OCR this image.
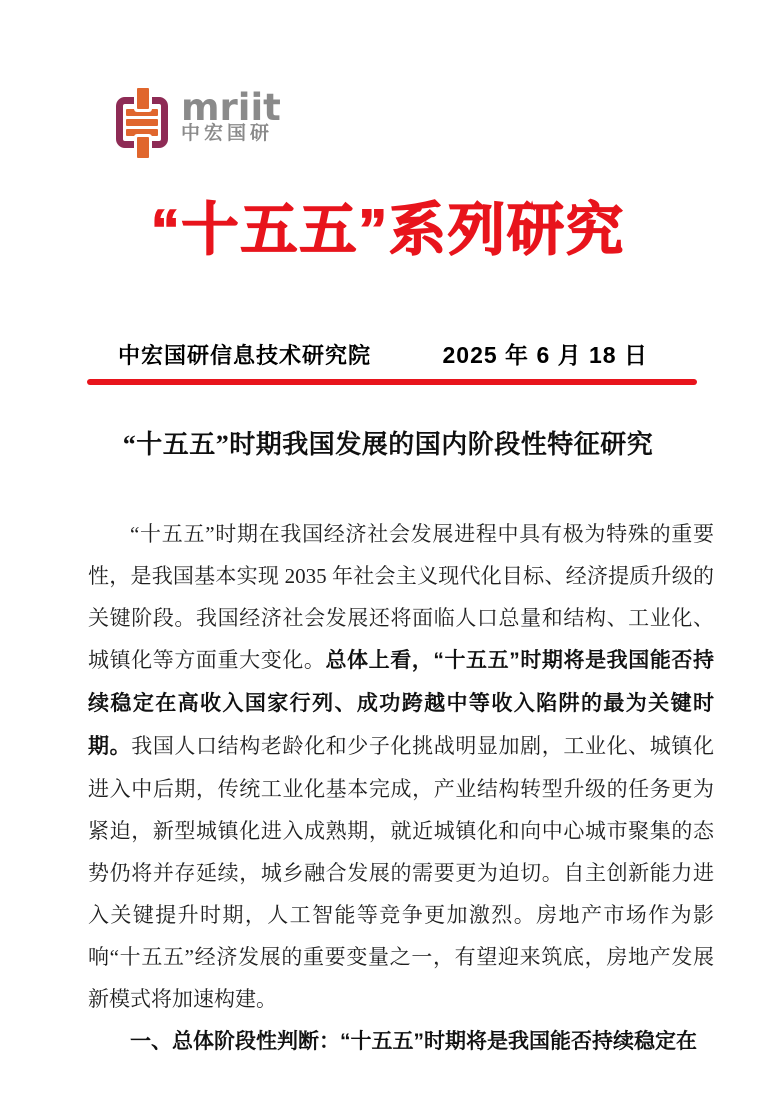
mriit
中宏国研
“十五五”系列研究
中宏国研信息技术研究院	2025 年 6 月 18 日
“十五五”时期我国发展的国内阶段性特征研究

“十五五”时期在我国经济社会发展进程中具有极为特殊的重要性，是我国基本实现 2035 年社会主义现代化目标、经济提质升级的关键阶段。我国经济社会发展还将面临人口总量和结构、工业化、城镇化等方面重大变化。总体上看，“十五五”时期将是我国能否持续稳定在高收入国家行列、成功跨越中等收入陷阱的最为关键时期。我国人口结构老龄化和少子化挑战明显加剧，工业化、城镇化进入中后期，传统工业化基本完成，产业结构转型升级的任务更为紧迫，新型城镇化进入成熟期，就近城镇化和向中心城市聚集的态势仍将并存延续，城乡融合发展的需要更为迫切。自主创新能力进入关键提升时期，人工智能等竞争更加激烈。房地产市场作为影响“十五五”经济发展的重要变量之一，有望迎来筑底，房地产发展新模式将加速构建。

一、总体阶段性判断：“十五五”时期将是我国能否持续稳定在
